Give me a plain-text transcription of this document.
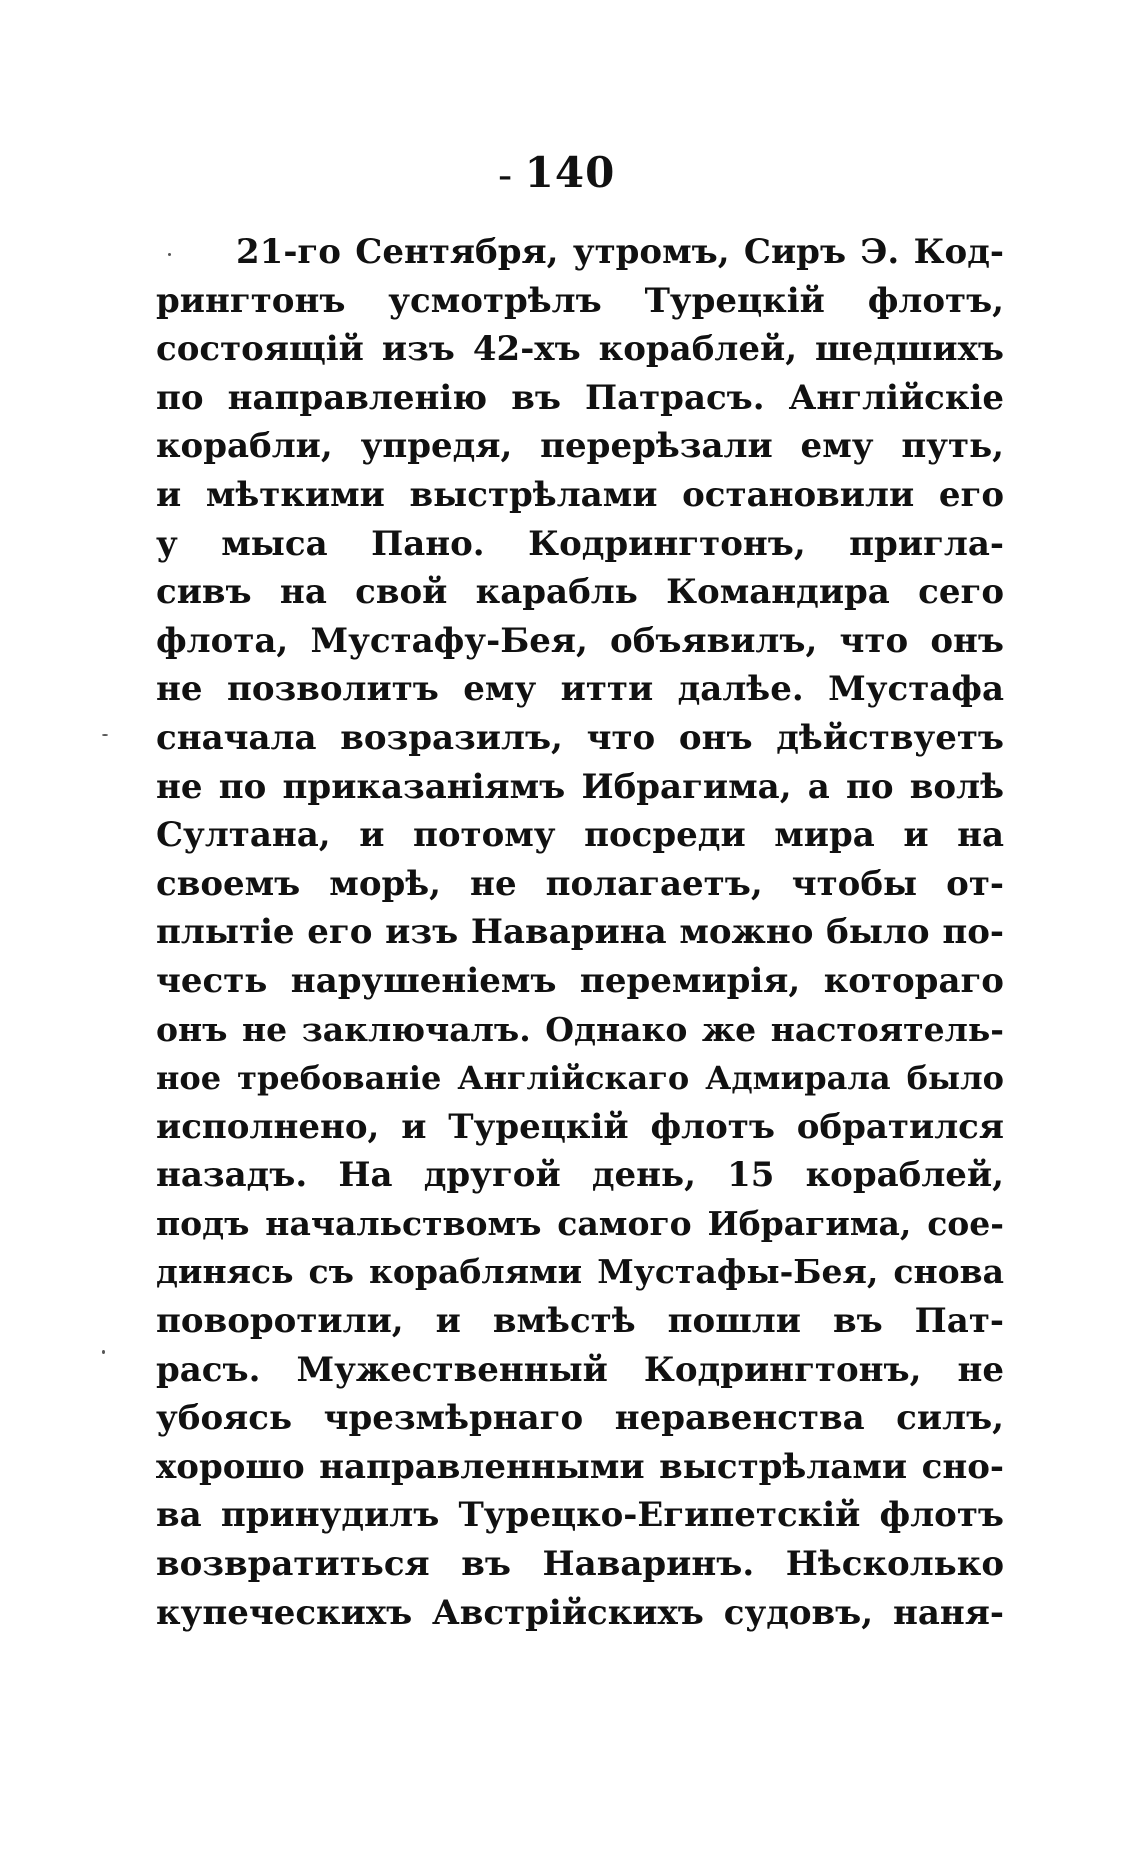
- 140
21-го Сентября, утромъ, Сиръ Э. Код-
рингтонъ усмотрѣлъ Турецкій флотъ,
состоящій изъ 42-хъ кораблей, шедшихъ
по направленію въ Патрасъ. Англійскіе
корабли, упредя, перерѣзали ему путь,
и мѣткими выстрѣлами остановили его
у мыса Пано. Кодрингтонъ, пригла-
сивъ на свой карабль Командира сего
флота, Мустафу-Бея, объявилъ, что онъ
не позволитъ ему итти далѣе. Мустафа
сначала возразилъ, что онъ дѣйствуетъ
не по приказаніямъ Ибрагима, а по волѣ
Султана, и потому посреди мира и на
своемъ морѣ, не полагаетъ, чтобы от-
плытіе его изъ Наварина можно было по-
честь нарушеніемъ перемирія, котораго
онъ не заключалъ. Однако же настоятель-
ное требованіе Англійскаго Адмирала было
исполнено, и Турецкій флотъ обратился
назадъ. На другой день, 15 кораблей,
подъ начальствомъ самого Ибрагима, сое-
динясь съ кораблями Мустафы-Бея, снова
поворотили, и вмѣстѣ пошли въ Пат-
расъ. Мужественный Кодрингтонъ, не
убоясь чрезмѣрнаго неравенства силъ,
хорошо направленными выстрѣлами сно-
ва принудилъ Турецко-Египетскій флотъ
возвратиться въ Наваринъ. Нѣсколько
купеческихъ Австрійскихъ судовъ, наня-
